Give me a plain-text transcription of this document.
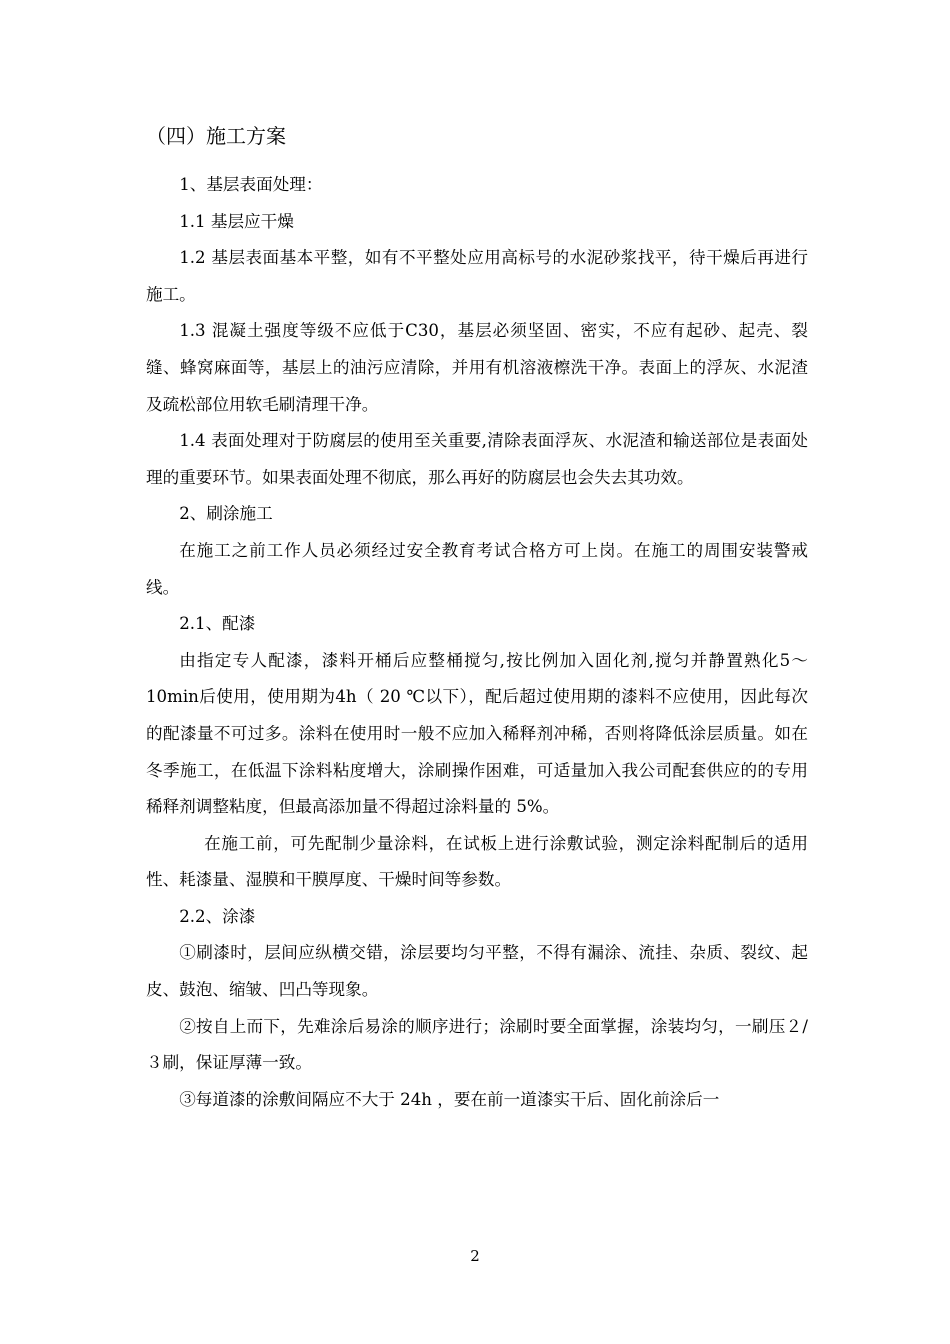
（四）施工方案

1、基层表面处理：

1.1 基层应干燥

1.2 基层表面基本平整，如有不平整处应用高标号的水泥砂浆找平，待干燥后再进行施工。

1.3 混凝土强度等级不应低于C30，基层必须坚固、密实，不应有起砂、起壳、裂缝、蜂窝麻面等，基层上的油污应清除，并用有机溶液檫洗干净。表面上的浮灰、水泥渣及疏松部位用软毛刷清理干净。

1.4 表面处理对于防腐层的使用至关重要,清除表面浮灰、水泥渣和输送部位是表面处理的重要环节。如果表面处理不彻底，那么再好的防腐层也会失去其功效。

2、刷涂施工

在施工之前工作人员必须经过安全教育考试合格方可上岗。在施工的周围安装警戒线。

2.1、配漆

由指定专人配漆，漆料开桶后应整桶搅匀,按比例加入固化剂,搅匀并静置熟化5～10min后使用，使用期为4h（ 20 ℃以下），配后超过使用期的漆料不应使用，因此每次的配漆量不可过多。涂料在使用时一般不应加入稀释剂冲稀，否则将降低涂层质量。如在冬季施工，在低温下涂料粘度增大，涂刷操作困难，可适量加入我公司配套供应的的专用稀释剂调整粘度，但最高添加量不得超过涂料量的 5%。

在施工前，可先配制少量涂料，在试板上进行涂敷试验，测定涂料配制后的适用性、耗漆量、湿膜和干膜厚度、干燥时间等参数。

2.2、涂漆

①刷漆时，层间应纵横交错，涂层要均匀平整，不得有漏涂、流挂、杂质、裂纹、起皮、鼓泡、缩皱、凹凸等现象。

②按自上而下，先难涂后易涂的顺序进行；涂刷时要全面掌握，涂装均匀，一刷压２/３刷，保证厚薄一致。

③每道漆的涂敷间隔应不大于 24h ，要在前一道漆实干后、固化前涂后一

2
